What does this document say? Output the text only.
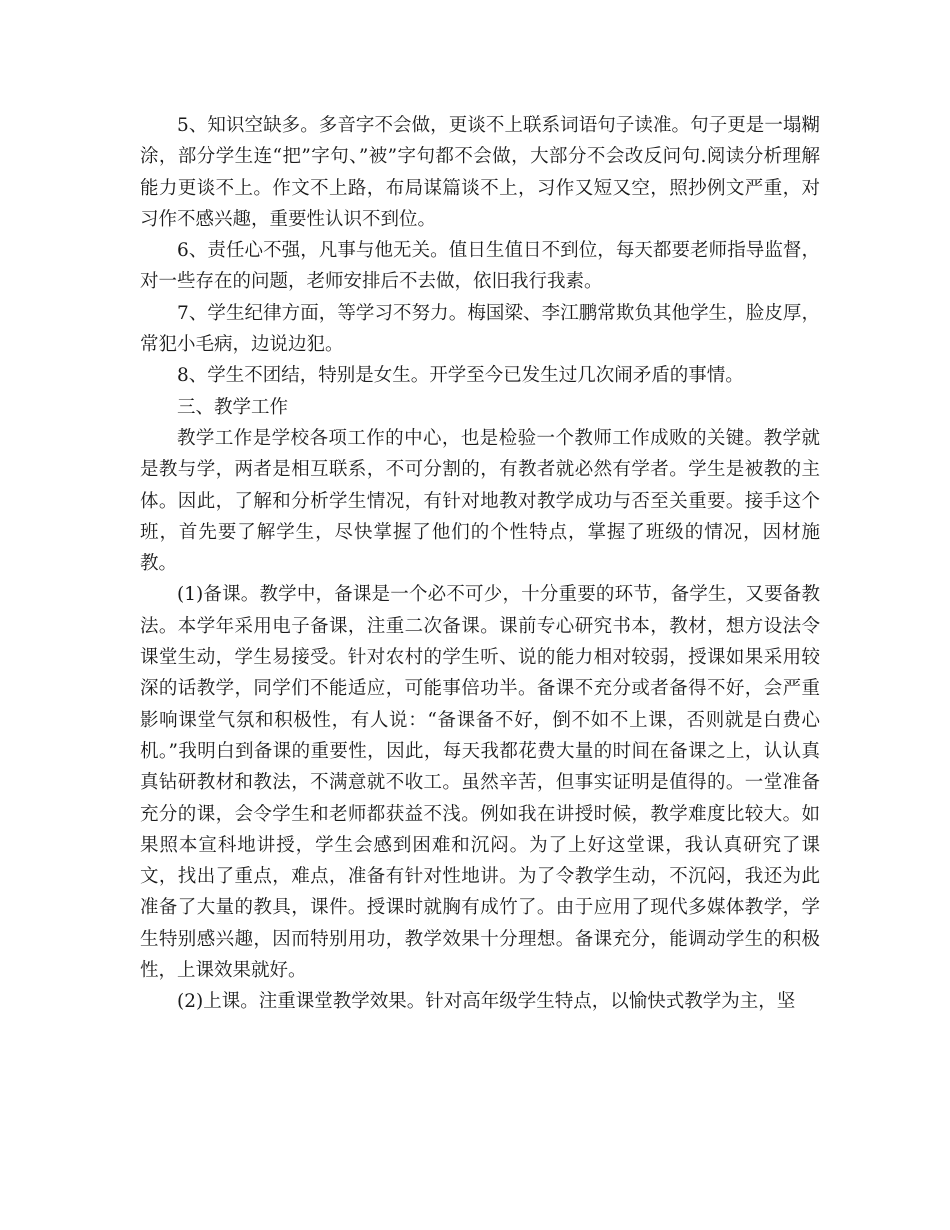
5、知识空缺多。多音字不会做，更谈不上联系词语句子读准。句子更是一塌糊涂，部分学生连“把”字句、”被”字句都不会做，大部分不会改反问句.阅读分析理解能力更谈不上。作文不上路，布局谋篇谈不上，习作又短又空，照抄例文严重，对习作不感兴趣，重要性认识不到位。

6、责任心不强，凡事与他无关。值日生值日不到位，每天都要老师指导监督，对一些存在的问题，老师安排后不去做，依旧我行我素。

7、学生纪律方面，等学习不努力。梅国梁、李江鹏常欺负其他学生，脸皮厚，常犯小毛病，边说边犯。

8、学生不团结，特别是女生。开学至今已发生过几次闹矛盾的事情。

三、教学工作

教学工作是学校各项工作的中心，也是检验一个教师工作成败的关键。教学就是教与学，两者是相互联系，不可分割的，有教者就必然有学者。学生是被教的主体。因此，了解和分析学生情况，有针对地教对教学成功与否至关重要。接手这个班，首先要了解学生，尽快掌握了他们的个性特点，掌握了班级的情况，因材施教。

(1)备课。教学中，备课是一个必不可少，十分重要的环节，备学生，又要备教法。本学年采用电子备课，注重二次备课。课前专心研究书本，教材，想方设法令课堂生动，学生易接受。针对农村的学生听、说的能力相对较弱，授课如果采用较深的话教学，同学们不能适应，可能事倍功半。备课不充分或者备得不好，会严重影响课堂气氛和积极性，有人说：“备课备不好，倒不如不上课，否则就是白费心机。”我明白到备课的重要性，因此，每天我都花费大量的时间在备课之上，认认真真钻研教材和教法，不满意就不收工。虽然辛苦，但事实证明是值得的。一堂准备充分的课，会令学生和老师都获益不浅。例如我在讲授时候，教学难度比较大。如果照本宣科地讲授，学生会感到困难和沉闷。为了上好这堂课，我认真研究了课文，找出了重点，难点，准备有针对性地讲。为了令教学生动，不沉闷，我还为此准备了大量的教具，课件。授课时就胸有成竹了。由于应用了现代多媒体教学，学生特别感兴趣，因而特别用功，教学效果十分理想。备课充分，能调动学生的积极性，上课效果就好。

(2)上课。注重课堂教学效果。针对高年级学生特点，以愉快式教学为主，坚
